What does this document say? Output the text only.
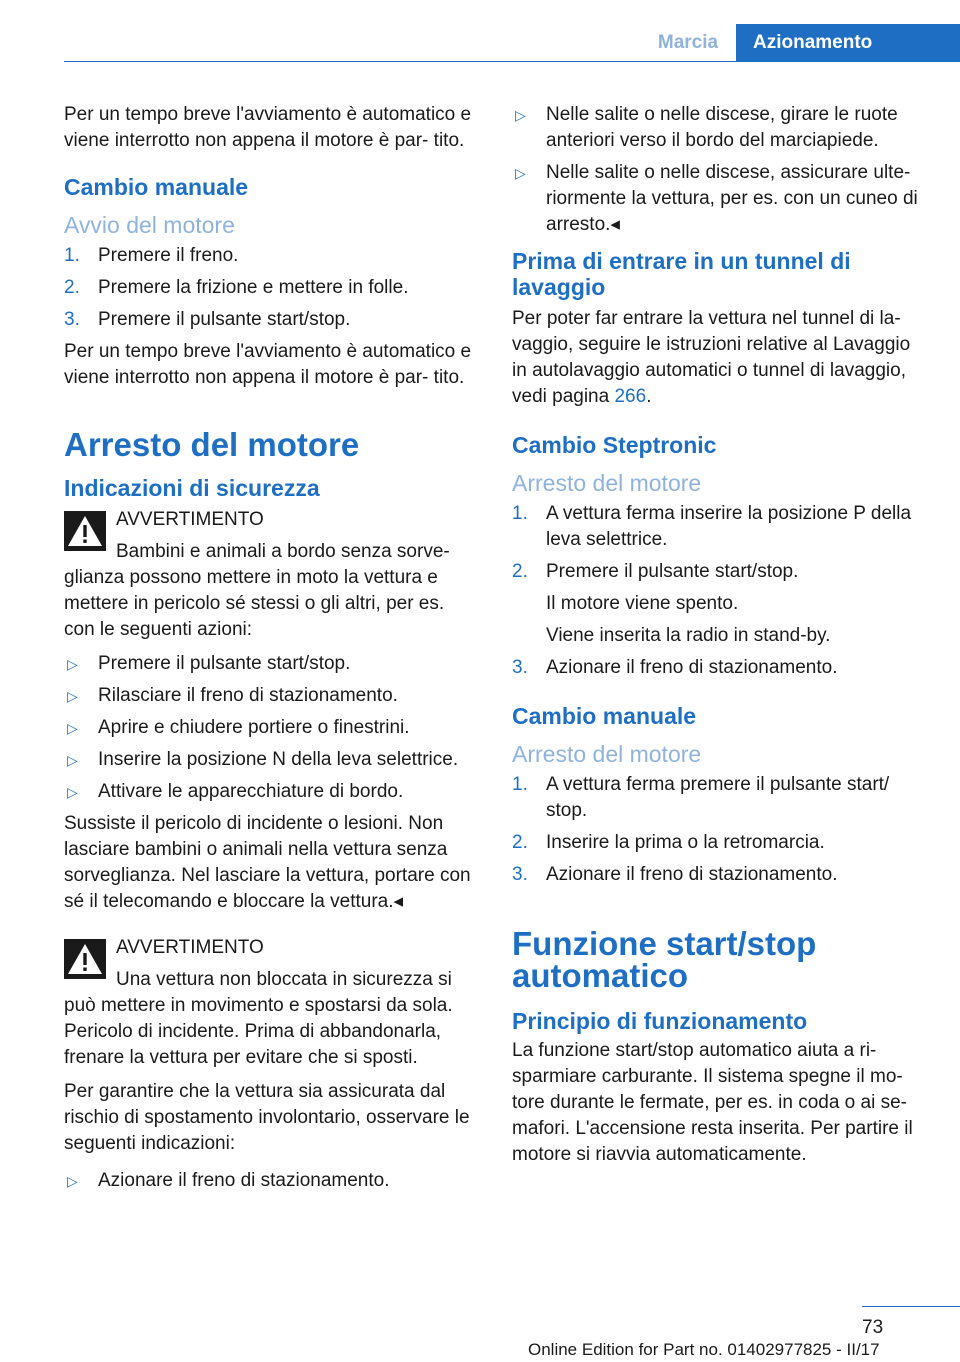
Marcia	Azionamento

Per un tempo breve l'avviamento è automatico e viene interrotto non appena il motore è par‐ tito.

Cambio manuale
Avvio del motore
1. Premere il freno.
2. Premere la frizione e mettere in folle.
3. Premere il pulsante start/stop.

Per un tempo breve l'avviamento è automatico e viene interrotto non appena il motore è par‐ tito.

Arresto del motore
Indicazioni di sicurezza
AVVERTIMENTO
Bambini e animali a bordo senza sorve‐
glianza possono mettere in moto la vettura e mettere in pericolo sé stessi o gli altri, per es. con le seguenti azioni:
▷ Premere il pulsante start/stop.
▷ Rilasciare il freno di stazionamento.
▷ Aprire e chiudere portiere o finestrini.
▷ Inserire la posizione N della leva selettrice.
▷ Attivare le apparecchiature di bordo.

Sussiste il pericolo di incidente o lesioni. Non lasciare bambini o animali nella vettura senza sorveglianza. Nel lasciare la vettura, portare con sé il telecomando e bloccare la vettura.◂

AVVERTIMENTO
Una vettura non bloccata in sicurezza si
può mettere in movimento e spostarsi da sola. Pericolo di incidente. Prima di abbandonarla, frenare la vettura per evitare che si sposti.

Per garantire che la vettura sia assicurata dal rischio di spostamento involontario, osservare le seguenti indicazioni:

▷ Azionare il freno di stazionamento.
▷ Nelle salite o nelle discese, girare le ruote anteriori verso il bordo del marciapiede.
▷ Nelle salite o nelle discese, assicurare ulte‐ riormente la vettura, per es. con un cuneo di arresto.◂
Prima di entrare in un tunnel di lavaggio

Per poter far entrare la vettura nel tunnel di la‐ vaggio, seguire le istruzioni relative al Lavaggio in autolavaggio automatici o tunnel di lavaggio, vedi pagina 266.

Cambio Steptronic
Arresto del motore
1. A vettura ferma inserire la posizione P della leva selettrice.
2. Premere il pulsante start/stop.
Il motore viene spento.
Viene inserita la radio in stand-by.
3. Azionare il freno di stazionamento.
Cambio manuale
Arresto del motore
1. A vettura ferma premere il pulsante start/ stop.
2. Inserire la prima o la retromarcia.
3. Azionare il freno di stazionamento.
Funzione start/stop automatico
Principio di funzionamento

La funzione start/stop automatico aiuta a ri‐ sparmiare carburante. Il sistema spegne il mo‐ tore durante le fermate, per es. in coda o ai se‐ mafori. L'accensione resta inserita. Per partire il motore si riavvia automaticamente.

73
Online Edition for Part no. 01402977825 - II/17
